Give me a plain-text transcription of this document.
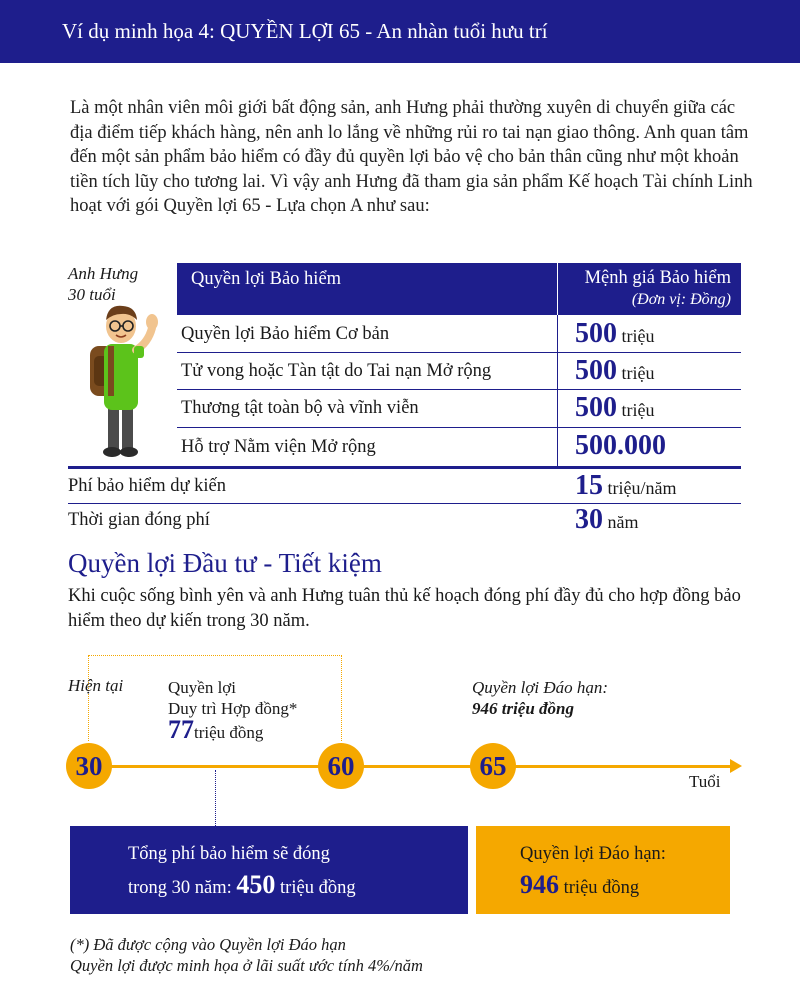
Ví dụ minh họa 4: QUYỀN LỢI 65 - An nhàn tuổi hưu trí
Là một nhân viên môi giới bất động sản, anh Hưng phải thường xuyên di chuyển giữa các địa điểm tiếp khách hàng, nên anh lo lắng về những rủi ro tai nạn giao thông. Anh quan tâm đến một sản phẩm bảo hiểm có đầy đủ quyền lợi bảo vệ cho bản thân cũng như một khoản tiền tích lũy cho tương lai. Vì vậy anh Hưng đã tham gia sản phẩm Kế hoạch Tài chính Linh hoạt với gói Quyền lợi 65 - Lựa chọn A như sau:
Anh Hưng
30 tuổi
Quyền lợi Bảo hiểm	Mệnh giá Bảo hiểm
(Đơn vị: Đồng)
Quyền lợi Bảo hiểm Cơ bản	500 triệu
Tử vong hoặc Tàn tật do Tai nạn Mở rộng	500 triệu
Thương tật toàn bộ và vĩnh viễn	500 triệu
Hỗ trợ Nằm viện Mở rộng	500.000
Phí bảo hiểm dự kiến	15 triệu/năm
Thời gian đóng phí	30 năm
Quyền lợi Đầu tư - Tiết kiệm
Khi cuộc sống bình yên và anh Hưng tuân thủ kế hoạch đóng phí đầy đủ cho hợp đồng bảo hiểm theo dự kiến trong 30 năm.
Hiện tại	Quyền lợi
Duy trì Hợp đồng*
77triệu đồng
Quyền lợi Đáo hạn:
946 triệu đồng
30	60	65
Tuổi
Tổng phí bảo hiểm sẽ đóng
trong 30 năm: 450 triệu đồng
Quyền lợi Đáo hạn:
946 triệu đồng
(*) Đã được cộng vào Quyền lợi Đáo hạn
Quyền lợi được minh họa ở lãi suất ước tính 4%/năm
